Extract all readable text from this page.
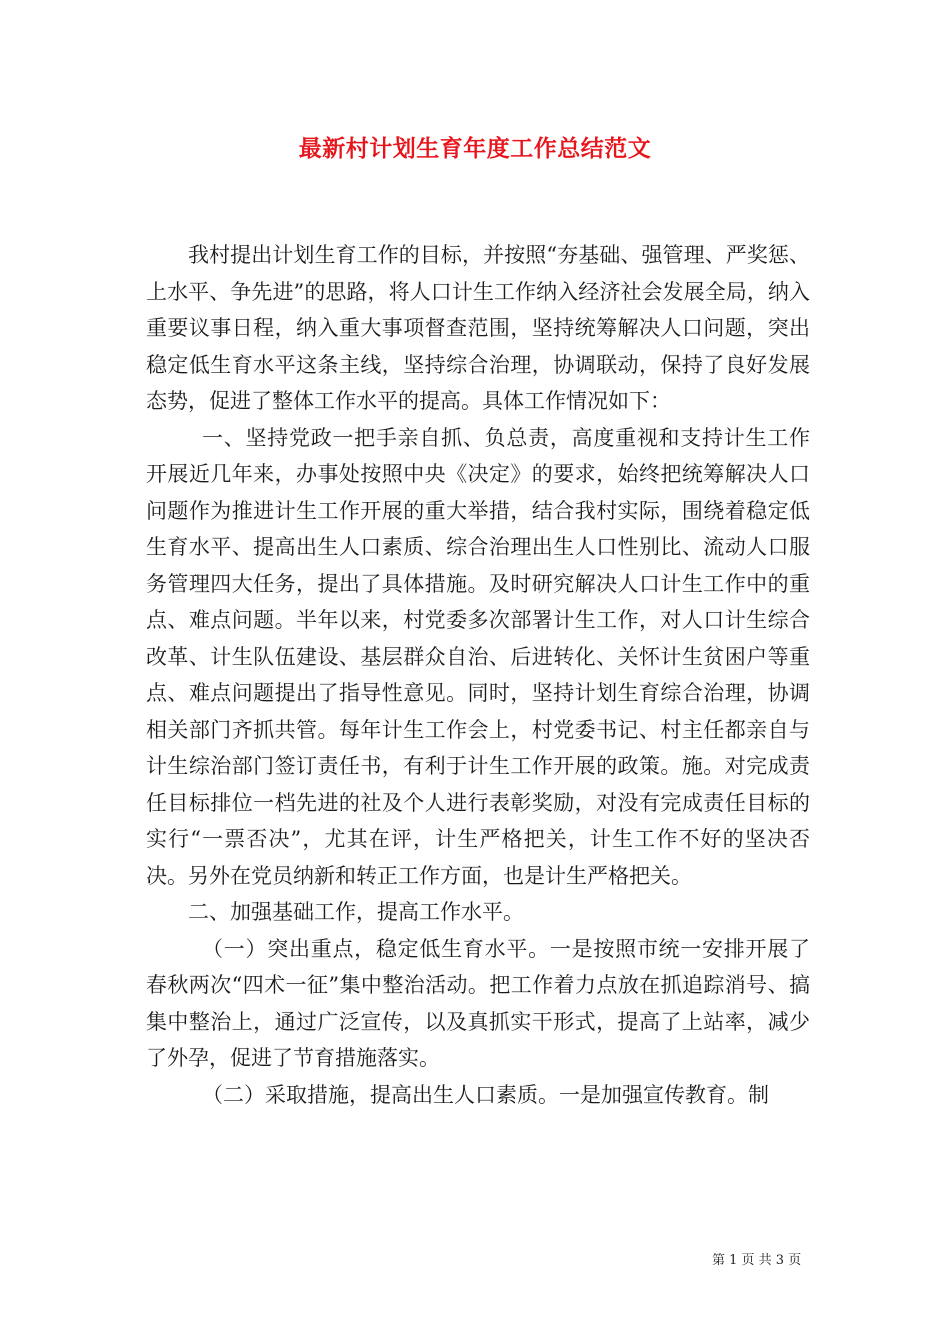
最新村计划生育年度工作总结范文

我村提出计划生育工作的目标，并按照“夯基础、强管理、严奖惩、上水平、争先进”的思路，将人口计生工作纳入经济社会发展全局，纳入重要议事日程，纳入重大事项督查范围，坚持统筹解决人口问题，突出稳定低生育水平这条主线，坚持综合治理，协调联动，保持了良好发展态势，促进了整体工作水平的提高。具体工作情况如下：

一、坚持党政一把手亲自抓、负总责，高度重视和支持计生工作开展近几年来，办事处按照中央《决定》的要求，始终把统筹解决人口问题作为推进计生工作开展的重大举措，结合我村实际，围绕着稳定低生育水平、提高出生人口素质、综合治理出生人口性别比、流动人口服务管理四大任务，提出了具体措施。及时研究解决人口计生工作中的重点、难点问题。半年以来，村党委多次部署计生工作，对人口计生综合改革、计生队伍建设、基层群众自治、后进转化、关怀计生贫困户等重点、难点问题提出了指导性意见。同时，坚持计划生育综合治理，协调相关部门齐抓共管。每年计生工作会上，村党委书记、村主任都亲自与计生综治部门签订责任书，有利于计生工作开展的政策。施。对完成责任目标排位一档先进的社及个人进行表彰奖励，对没有完成责任目标的实行“一票否决”，尤其在评，计生严格把关，计生工作不好的坚决否决。另外在党员纳新和转正工作方面，也是计生严格把关。

二、加强基础工作，提高工作水平。

（一）突出重点，稳定低生育水平。一是按照市统一安排开展了春秋两次“四术一征”集中整治活动。把工作着力点放在抓追踪消号、搞集中整治上，通过广泛宣传，以及真抓实干形式，提高了上站率，减少了外孕，促进了节育措施落实。

（二）采取措施，提高出生人口素质。一是加强宣传教育。制

第 1 页 共 3 页
